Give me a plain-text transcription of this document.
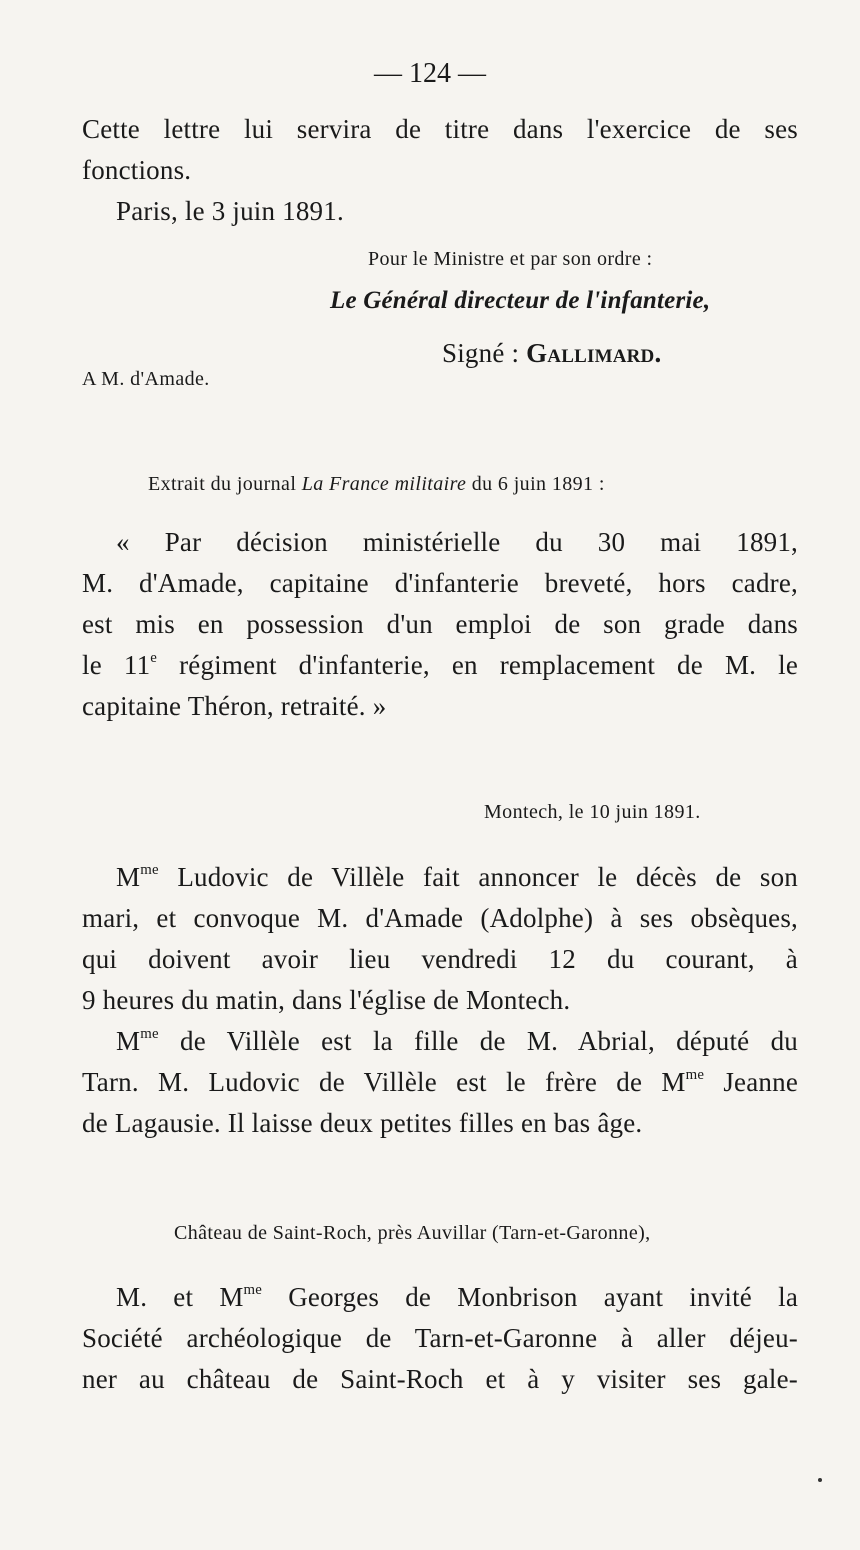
— 124 —

Cette lettre lui servira de titre dans l'exercice de ses

fonctions.

Paris, le 3 juin 1891.

Pour le Ministre et par son ordre :

Le Général directeur de l'infanterie,

Signé : Gallimard.

A M. d'Amade.

Extrait du journal La France militaire du 6 juin 1891 :

« Par décision ministérielle du 30 mai 1891,

M. d'Amade, capitaine d'infanterie breveté, hors cadre,

est mis en possession d'un emploi de son grade dans

le 11e régiment d'infanterie, en remplacement de M. le

capitaine Théron, retraité. »

Montech, le 10 juin 1891.

$M^{me}$ Ludovic de Villèle fait annoncer le décès de son

mari, et convoque M. d'Amade (Adolphe) à ses obsèques,

qui doivent avoir lieu vendredi 12 du courant, à

9 heures du matin, dans l'église de Montech.

$M^{me}$ de Villèle est la fille de M. Abrial, député du

Tarn. M. Ludovic de Villèle est le frère de $M^{me}$ Jeanne

de Lagausie. Il laisse deux petites filles en bas âge.

Château de Saint-Roch, près Auvillar (Tarn-et-Garonne),

M. et $M^{me}$ Georges de Monbrison ayant invité la

Société archéologique de Tarn-et-Garonne à aller déjeu-

ner au château de Saint-Roch et à y visiter ses gale-
